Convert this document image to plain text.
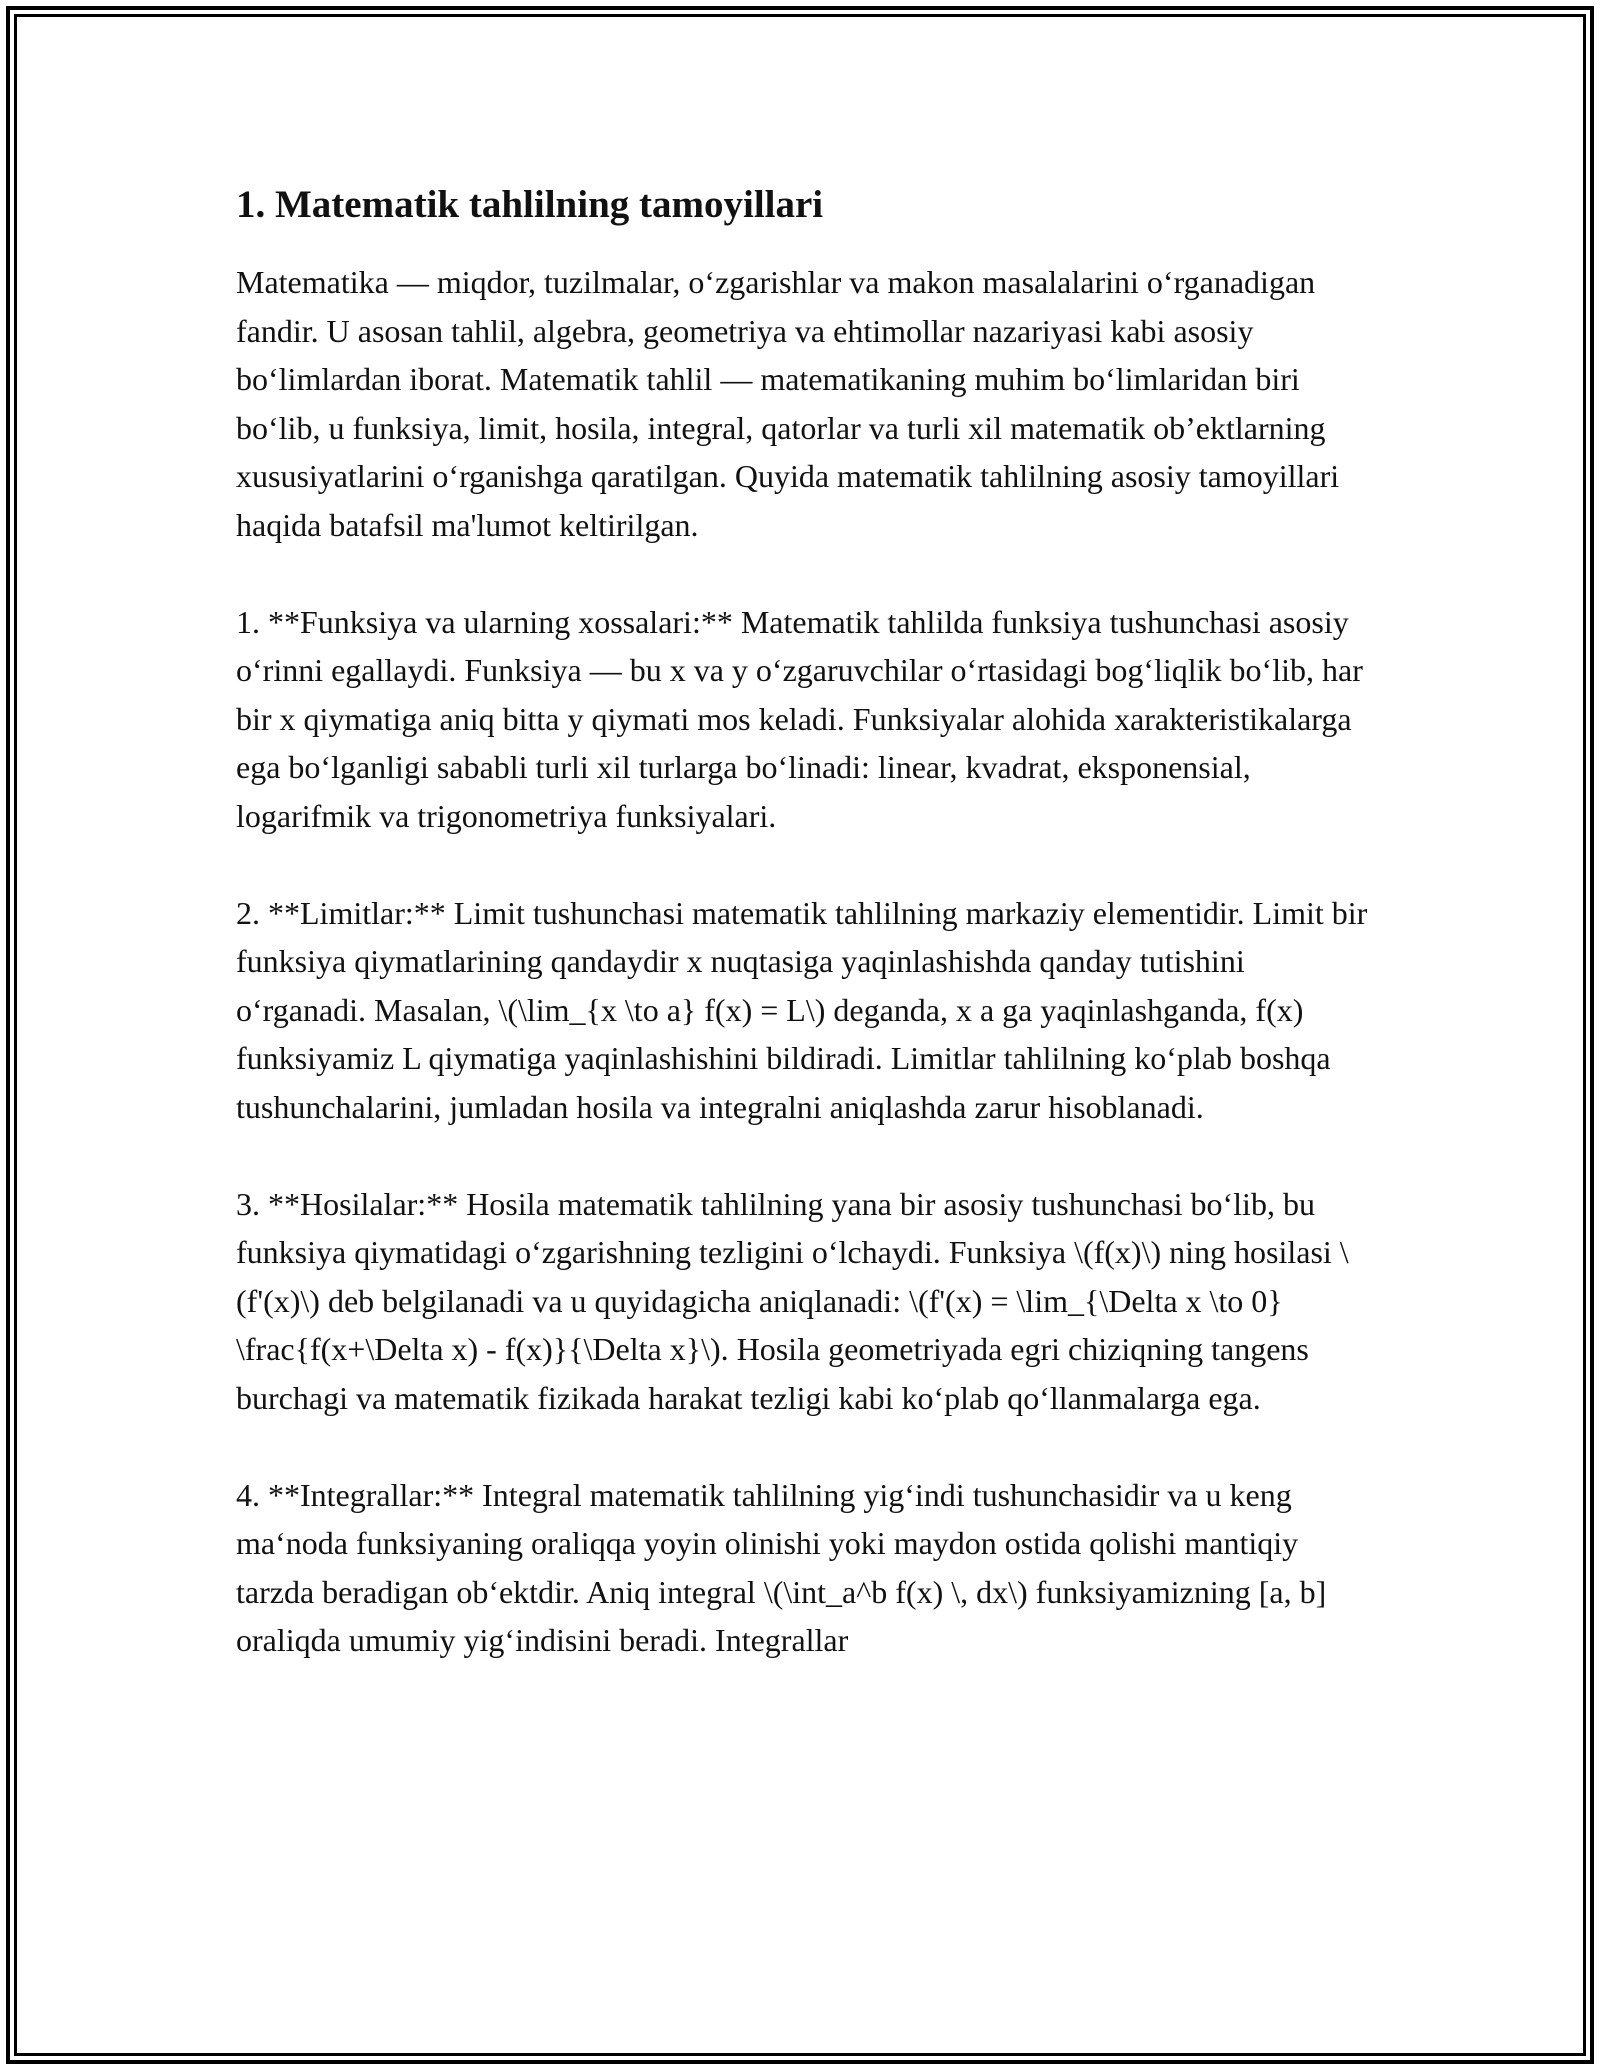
1. Matematik tahlilning tamoyillari

Matematika — miqdor, tuzilmalar, o‘zgarishlar va makon masalalarini o‘rganadigan fandir. U asosan tahlil, algebra, geometriya va ehtimollar nazariyasi kabi asosiy bo‘limlardan iborat. Matematik tahlil — matematikaning muhim bo‘limlaridan biri bo‘lib, u funksiya, limit, hosila, integral, qatorlar va turli xil matematik ob’ektlarning xususiyatlarini o‘rganishga qaratilgan. Quyida matematik tahlilning asosiy tamoyillari haqida batafsil ma'lumot keltirilgan.

1. **Funksiya va ularning xossalari:** Matematik tahlilda funksiya tushunchasi asosiy o‘rinni egallaydi. Funksiya — bu x va y o‘zgaruvchilar o‘rtasidagi bog‘liqlik bo‘lib, har bir x qiymatiga aniq bitta y qiymati mos keladi. Funksiyalar alohida xarakteristikalarga ega bo‘lganligi sababli turli xil turlarga bo‘linadi: linear, kvadrat, eksponensial, logarifmik va trigonometriya funksiyalari.

2. **Limitlar:** Limit tushunchasi matematik tahlilning markaziy elementidir. Limit bir funksiya qiymatlarining qandaydir x nuqtasiga yaqinlashishda qanday tutishini o‘rganadi. Masalan, \(\lim_{x \to a} f(x) = L\) deganda, x a ga yaqinlashganda, f(x) funksiyamiz L qiymatiga yaqinlashishini bildiradi. Limitlar tahlilning ko‘plab boshqa tushunchalarini, jumladan hosila va integralni aniqlashda zarur hisoblanadi.

3. **Hosilalar:** Hosila matematik tahlilning yana bir asosiy tushunchasi bo‘lib, bu funksiya qiymatidagi o‘zgarishning tezligini o‘lchaydi. Funksiya \(f(x)\) ning hosilasi \(f'(x)\) deb belgilanadi va u quyidagicha aniqlanadi: \(f'(x) = \lim_{\Delta x \to 0} \frac{f(x+\Delta x) - f(x)}{\Delta x}\). Hosila geometriyada egri chiziqning tangens burchagi va matematik fizikada harakat tezligi kabi ko‘plab qo‘llanmalarga ega.

4. **Integrallar:** Integral matematik tahlilning yig‘indi tushunchasidir va u keng ma‘noda funksiyaning oraliqqa yoyin olinishi yoki maydon ostida qolishi mantiqiy tarzda beradigan ob‘ektdir. Aniq integral \(\int_a^b f(x) \, dx\) funksiyamizning [a, b] oraliqda umumiy yig‘indisini beradi. Integrallar
